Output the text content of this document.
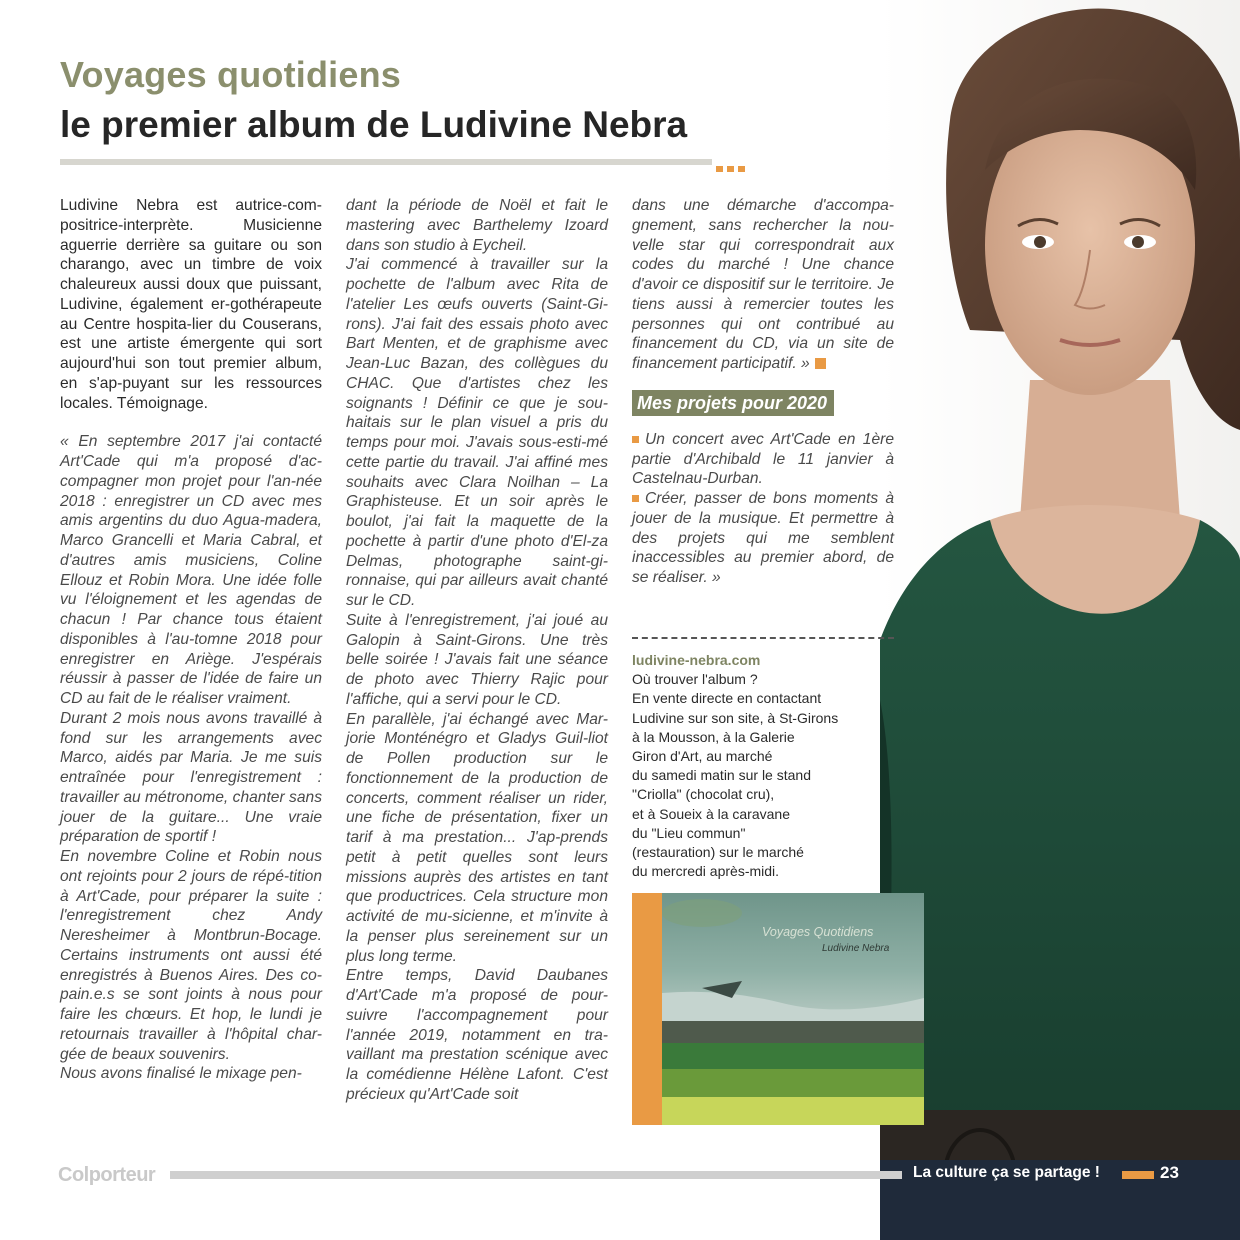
Voyages quotidiens
le premier album de Ludivine Nebra

Ludivine Nebra est autrice-com-positrice-interprète. Musicienne aguerrie derrière sa guitare ou son charango, avec un timbre de voix chaleureux aussi doux que puissant, Ludivine, également er-gothérapeute au Centre hospita-lier du Couserans, est une artiste émergente qui sort aujourd'hui son tout premier album, en s'ap-puyant sur les ressources locales. Témoignage.

« En septembre 2017 j'ai contacté Art'Cade qui m'a proposé d'ac-compagner mon projet pour l'an-née 2018 : enregistrer un CD avec mes amis argentins du duo Agua-madera, Marco Grancelli et Maria Cabral, et d'autres amis musiciens, Coline Ellouz et Robin Mora. Une idée folle vu l'éloignement et les agendas de chacun ! Par chance tous étaient disponibles à l'au-tomne 2018 pour enregistrer en Ariège. J'espérais réussir à passer de l'idée de faire un CD au fait de le réaliser vraiment.

Durant 2 mois nous avons travaillé à fond sur les arrangements avec Marco, aidés par Maria. Je me suis entraînée pour l'enregistrement : travailler au métronome, chanter sans jouer de la guitare... Une vraie préparation de sportif !

En novembre Coline et Robin nous ont rejoints pour 2 jours de répé-tition à Art'Cade, pour préparer la suite : l'enregistrement chez Andy Neresheimer à Montbrun-Bocage. Certains instruments ont aussi été enregistrés à Buenos Aires. Des co-pain.e.s se sont joints à nous pour faire les chœurs. Et hop, le lundi je retournais travailler à l'hôpital char-gée de beaux souvenirs.

Nous avons finalisé le mixage pen-

dant la période de Noël et fait le mastering avec Barthelemy Izoard dans son studio à Eycheil.

J'ai commencé à travailler sur la pochette de l'album avec Rita de l'atelier Les œufs ouverts (Saint-Gi-rons). J'ai fait des essais photo avec Bart Menten, et de graphisme avec Jean-Luc Bazan, des collègues du CHAC. Que d'artistes chez les soignants ! Définir ce que je sou-haitais sur le plan visuel a pris du temps pour moi. J'avais sous-esti-mé cette partie du travail. J'ai affiné mes souhaits avec Clara Noilhan – La Graphisteuse. Et un soir après le boulot, j'ai fait la maquette de la pochette à partir d'une photo d'El-za Delmas, photographe saint-gi-ronnaise, qui par ailleurs avait chanté sur le CD.

Suite à l'enregistrement, j'ai joué au Galopin à Saint-Girons. Une très belle soirée ! J'avais fait une séance de photo avec Thierry Rajic pour l'affiche, qui a servi pour le CD.

En parallèle, j'ai échangé avec Mar-jorie Monténégro et Gladys Guil-liot de Pollen production sur le fonctionnement de la production de concerts, comment réaliser un rider, une fiche de présentation, fixer un tarif à ma prestation... J'ap-prends petit à petit quelles sont leurs missions auprès des artistes en tant que productrices. Cela structure mon activité de mu-sicienne, et m'invite à la penser plus sereinement sur un plus long terme.

Entre temps, David Daubanes d'Art'Cade m'a proposé de pour-suivre l'accompagnement pour l'année 2019, notamment en tra-vaillant ma prestation scénique avec la comédienne Hélène Lafont. C'est précieux qu'Art'Cade soit

dans une démarche d'accompa-gnement, sans rechercher la nou-velle star qui correspondrait aux codes du marché ! Une chance d'avoir ce dispositif sur le territoire. Je tiens aussi à remercier toutes les personnes qui ont contribué au financement du CD, via un site de financement participatif. »

Mes projets pour 2020

Un concert avec Art'Cade en 1ère partie d'Archibald le 11 janvier à Castelnau-Durban.

Créer, passer de bons moments à jouer de la musique. Et permettre à des projets qui me semblent inaccessibles au premier abord, de se réaliser. »

ludivine-nebra.com
Où trouver l'album ?
En vente directe en contactant
Ludivine sur son site, à St-Girons
à la Mousson, à la Galerie
Giron d'Art, au marché
du samedi matin sur le stand
"Criolla" (chocolat cru),
et à Soueix à la caravane
du "Lieu commun"
(restauration) sur le marché
du mercredi après-midi.
Voyages Quotidiens
Ludivine Nebra
Colporteur	La culture ça se partage !	23
